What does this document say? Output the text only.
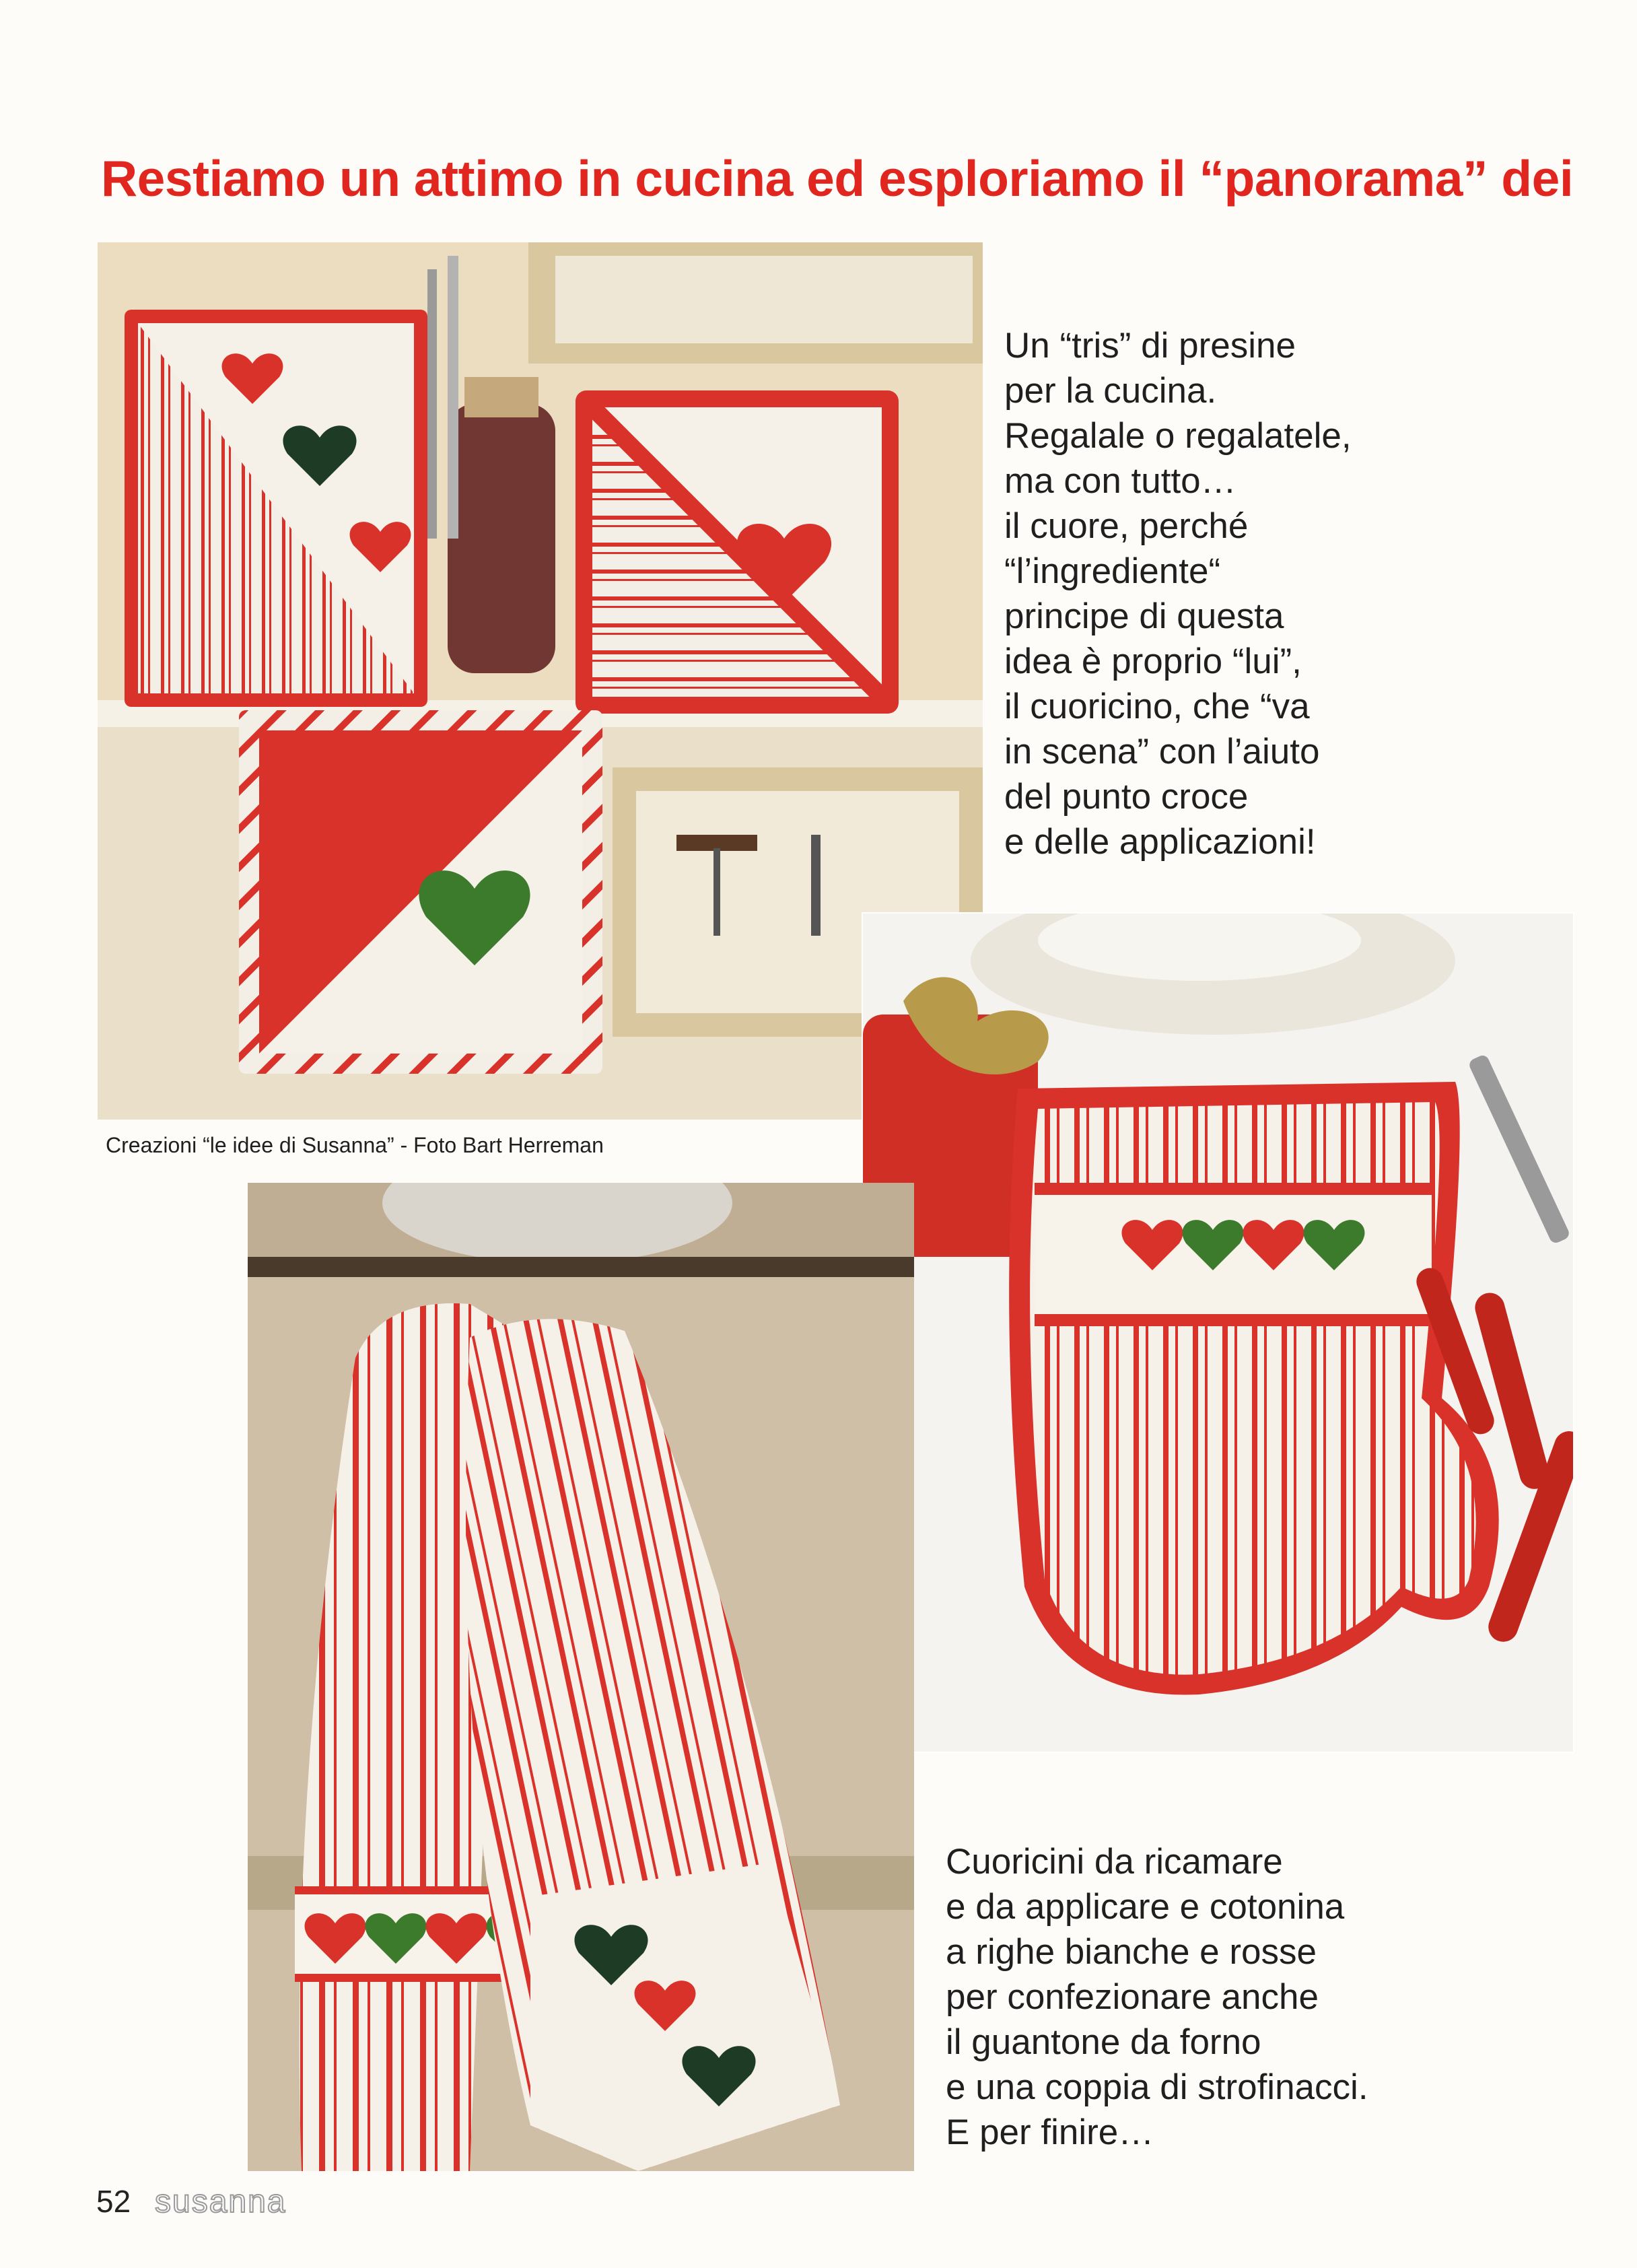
Restiamo un attimo in cucina ed esploriamo il “panorama” dei

Un “tris” di presine

per la cucina.

Regalale o regalatele,

ma con tutto…

il cuore, perché

“l’ingrediente“

principe di questa

idea è proprio “lui”,

il cuoricino, che “va

in scena” con l’aiuto

del punto croce

e delle applicazioni!

Creazioni “le idee di Susanna” - Foto Bart Herreman

Cuoricini da ricamare

e da applicare e cotonina

a righe bianche e rosse

per confezionare anche

il guantone da forno

e una coppia di strofinacci.

E per finire…

52 susanna
